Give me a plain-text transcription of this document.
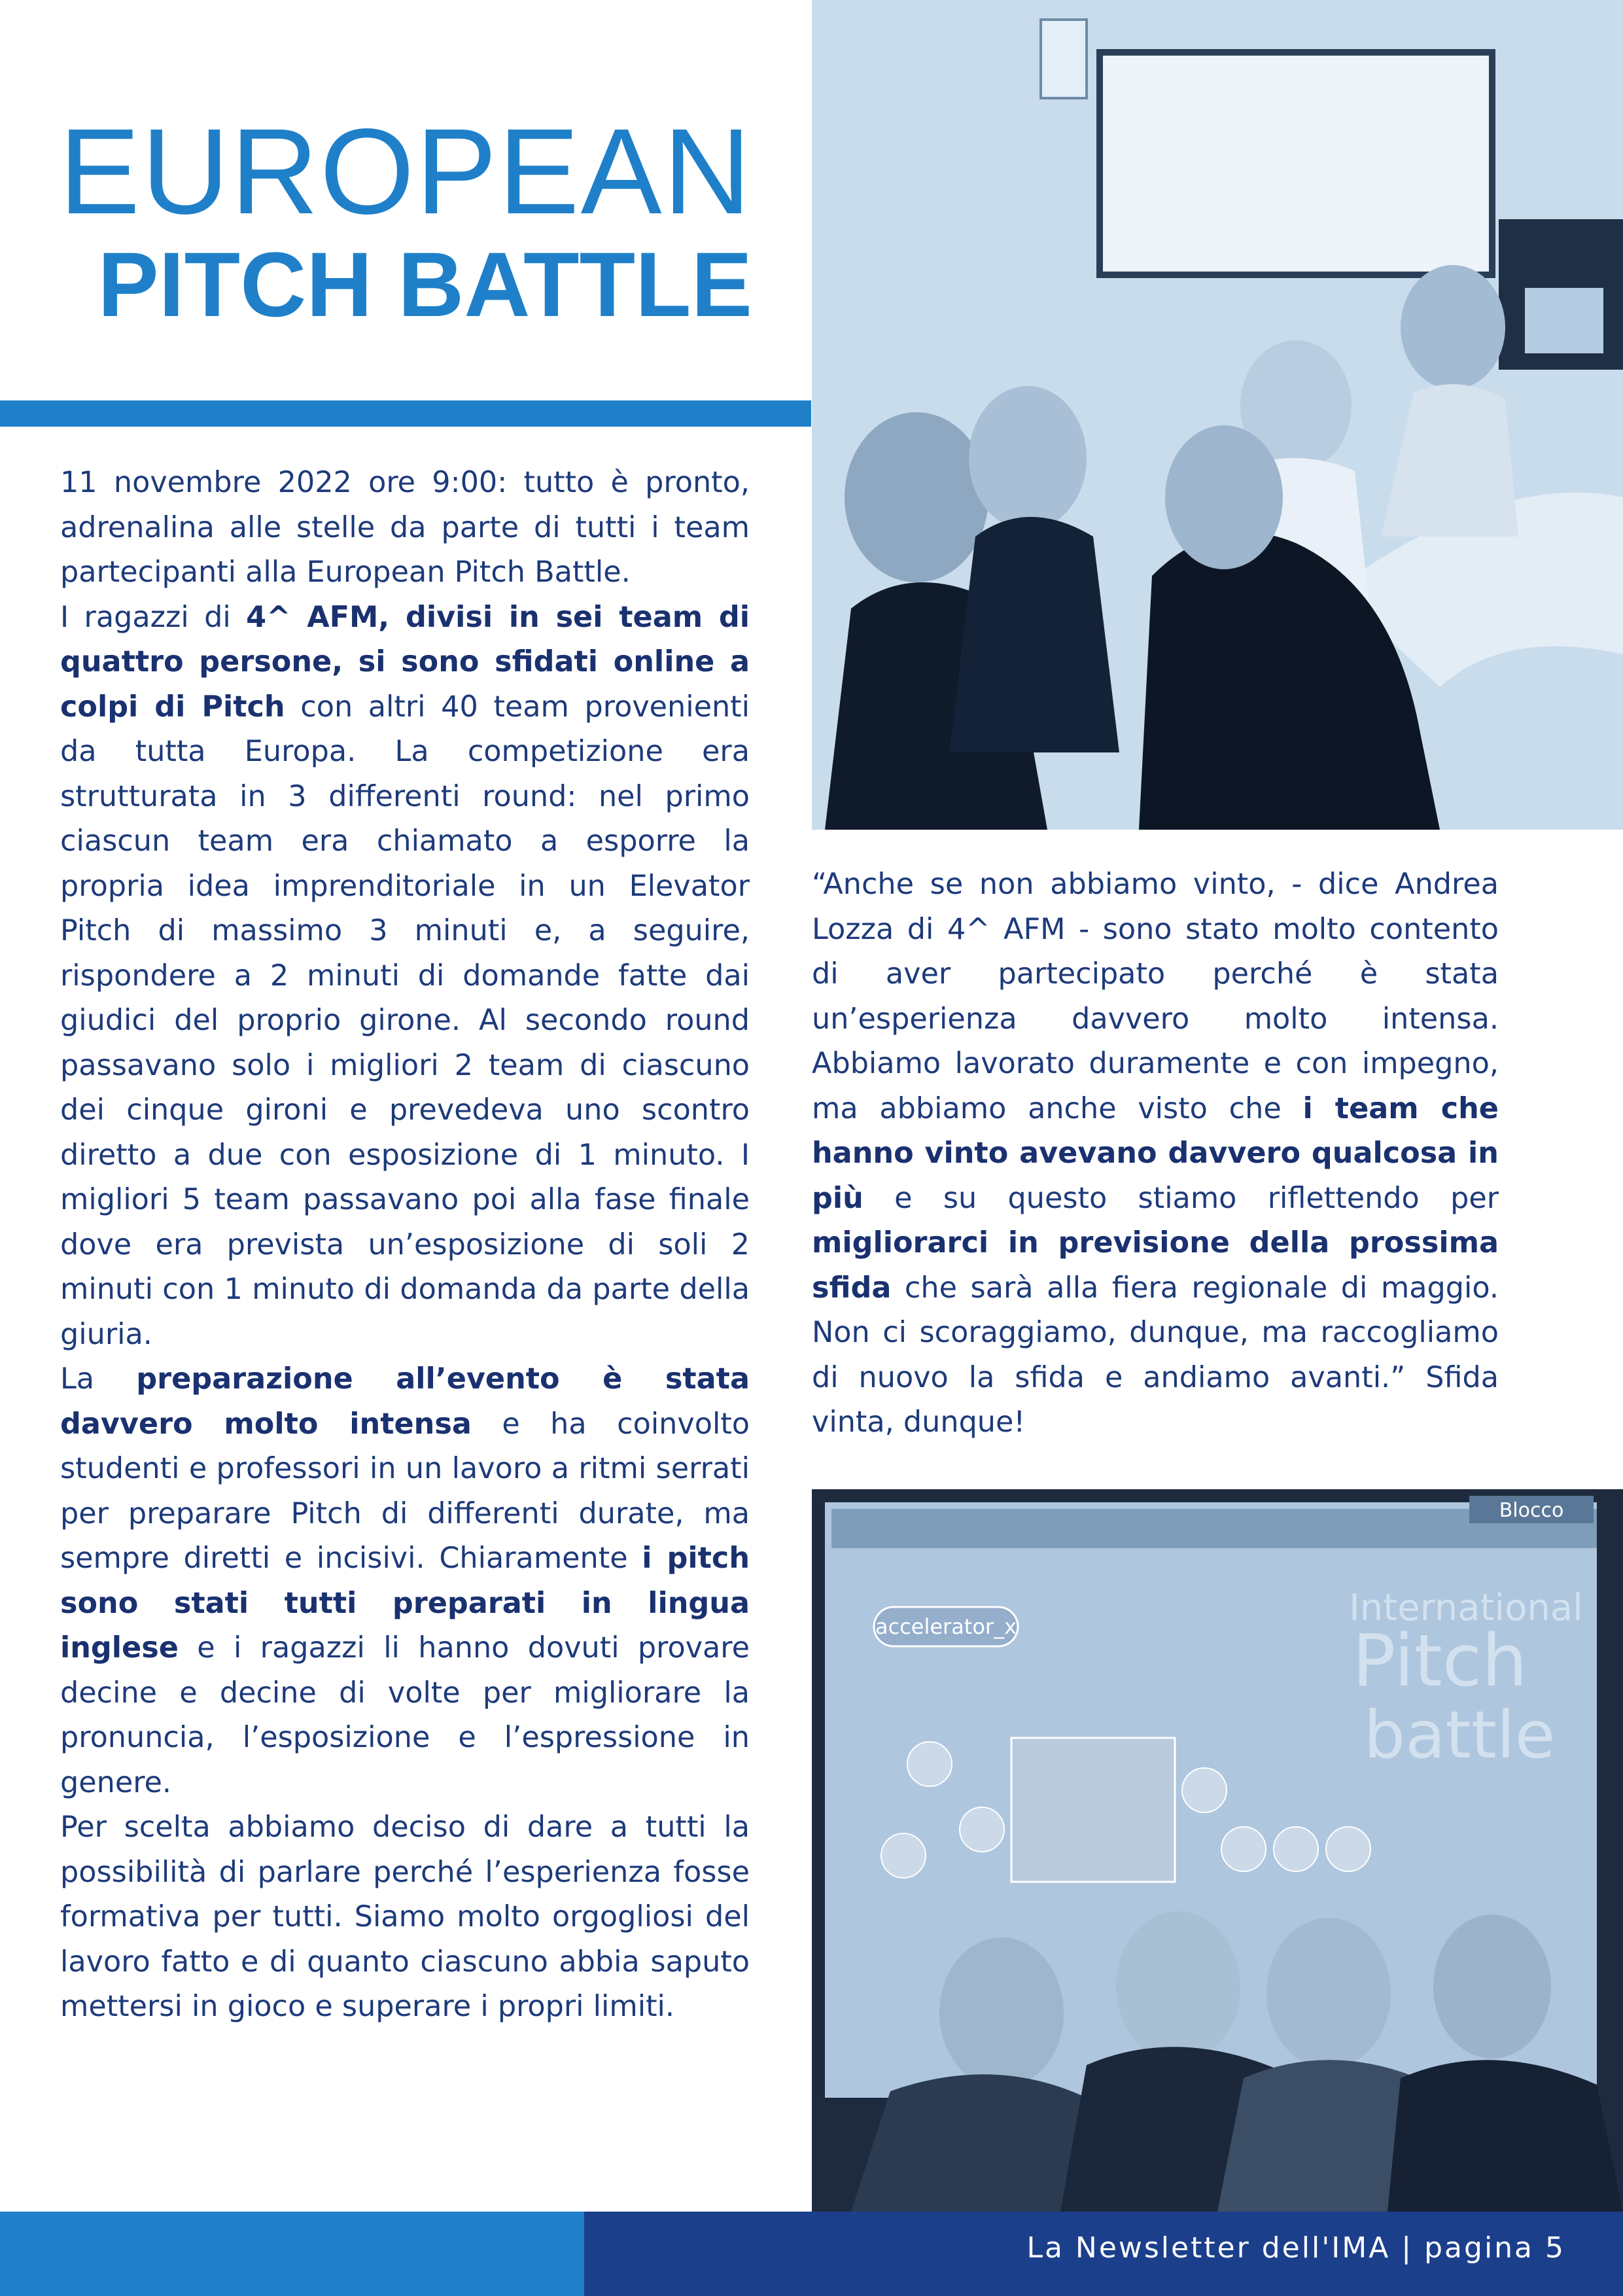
EUROPEAN
PITCH BATTLE

11 novembre 2022 ore 9:00: tutto è pronto, adrenalina alle stelle da parte di tutti i team partecipanti alla European Pitch Battle.

I ragazzi di 4^ AFM, divisi in sei team di quattro persone, si sono sfidati online a colpi di Pitch con altri 40 team provenienti da tutta Europa. La competizione era strutturata in 3 differenti round: nel primo ciascun team era chiamato a esporre la propria idea imprenditoriale in un Elevator Pitch di massimo 3 minuti e, a seguire, rispondere a 2 minuti di domande fatte dai giudici del proprio girone. Al secondo round passavano solo i migliori 2 team di ciascuno dei cinque gironi e prevedeva uno scontro diretto a due con esposizione di 1 minuto. I migliori 5 team passavano poi alla fase finale dove era prevista un’esposizione di soli 2 minuti con 1 minuto di domanda da parte della giuria.

La preparazione all’evento è stata davvero molto intensa e ha coinvolto studenti e professori in un lavoro a ritmi serrati per preparare Pitch di differenti durate, ma sempre diretti e incisivi. Chiaramente i pitch sono stati tutti preparati in lingua inglese e i ragazzi li hanno dovuti provare decine e decine di volte per migliorare la pronuncia, l’esposizione e l’espressione in genere.

Per scelta abbiamo deciso di dare a tutti la possibilità di parlare perché l’esperienza fosse formativa per tutti. Siamo molto orgogliosi del lavoro fatto e di quanto ciascuno abbia saputo mettersi in gioco e superare i propri limiti.

“Anche se non abbiamo vinto, - dice Andrea Lozza di 4^ AFM - sono stato molto contento di aver partecipato perché è stata un’esperienza davvero molto intensa. Abbiamo lavorato duramente e con impegno, ma abbiamo anche visto che i team che hanno vinto avevano davvero qualcosa in più e su questo stiamo riflettendo per migliorarci in previsione della prossima sfida che sarà alla fiera regionale di maggio. Non ci scoraggiamo, dunque, ma raccogliamo di nuovo la sfida e andiamo avanti.” Sfida vinta, dunque!

accelerator_x	International
Pitch
battle
Blocco
La Newsletter dell'IMA | pagina 5
